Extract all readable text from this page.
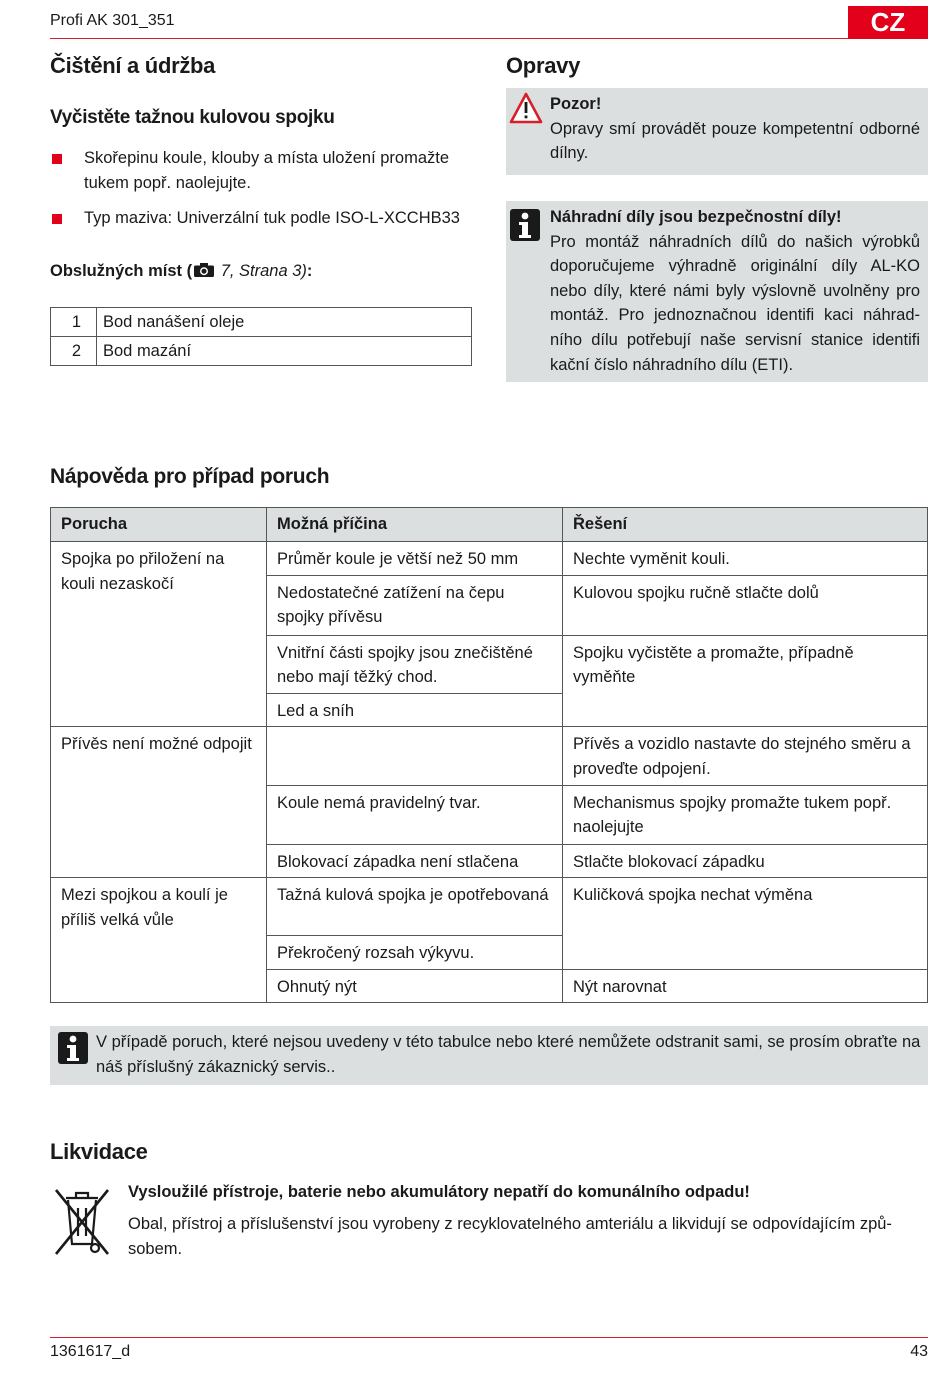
Profi AK 301_351	CZ
Čištění a údržba
Vyčistěte tažnou kulovou spojku
Skořepinu koule, klouby a místa uložení promažte tukem popř. naolejujte.
Typ maziva: Univerzální tuk podle ISO-L-XCCHB33
Obslužných míst ( 7, Strana 3):
1	Bod nanášení oleje
2	Bod mazání
Opravy
Pozor!
Opravy smí provádět pouze kompetentní odborné dílny.
Náhradní díly jsou bezpečnostní díly!
Pro montáž náhradních dílů do našich výrobků doporučujeme výhradně originální díly AL-KO nebo díly, které námi byly výslovně uvolněny pro montáž. Pro jednoznačnou identifi kaci náhrad- ního dílu potřebují naše servisní stanice identifi kační číslo náhradního dílu (ETI).
Nápověda pro případ poruch
Porucha	Možná příčina	Řešení
Spojka po přiložení na kouli nezaskočí	Průměr koule je větší než 50 mm	Nechte vyměnit kouli.
	Nedostatečné zatížení na čepu spojky přívěsu	Kulovou spojku ručně stlačte dolů
	Vnitřní části spojky jsou znečištěné nebo mají těžký chod.	Spojku vyčistěte a promažte, případně vyměňte
	Led a sníh	
Přívěs není možné odpojit		Přívěs a vozidlo nastavte do stejného směru a proveďte odpojení.
	Koule nemá pravidelný tvar.	Mechanismus spojky promažte tukem popř. naolejujte
	Blokovací západka není stlačena	Stlačte blokovací západku
Mezi spojkou a koulí je příliš velká vůle	Tažná kulová spojka je opotřebovaná	Kuličková spojka nechat výměna
	Překročený rozsah výkyvu.	
	Ohnutý nýt	Nýt narovnat
V případě poruch, které nejsou uvedeny v této tabulce nebo které nemůžete odstranit sami, se prosím obraťte na náš příslušný zákaznický servis..
Likvidace
Vysloužilé přístroje, baterie nebo akumulátory nepatří do komunálního odpadu!
Obal, přístroj a příslušenství jsou vyrobeny z recyklovatelného amteriálu a likvidují se odpovídajícím způ- sobem.
1361617_d	43
